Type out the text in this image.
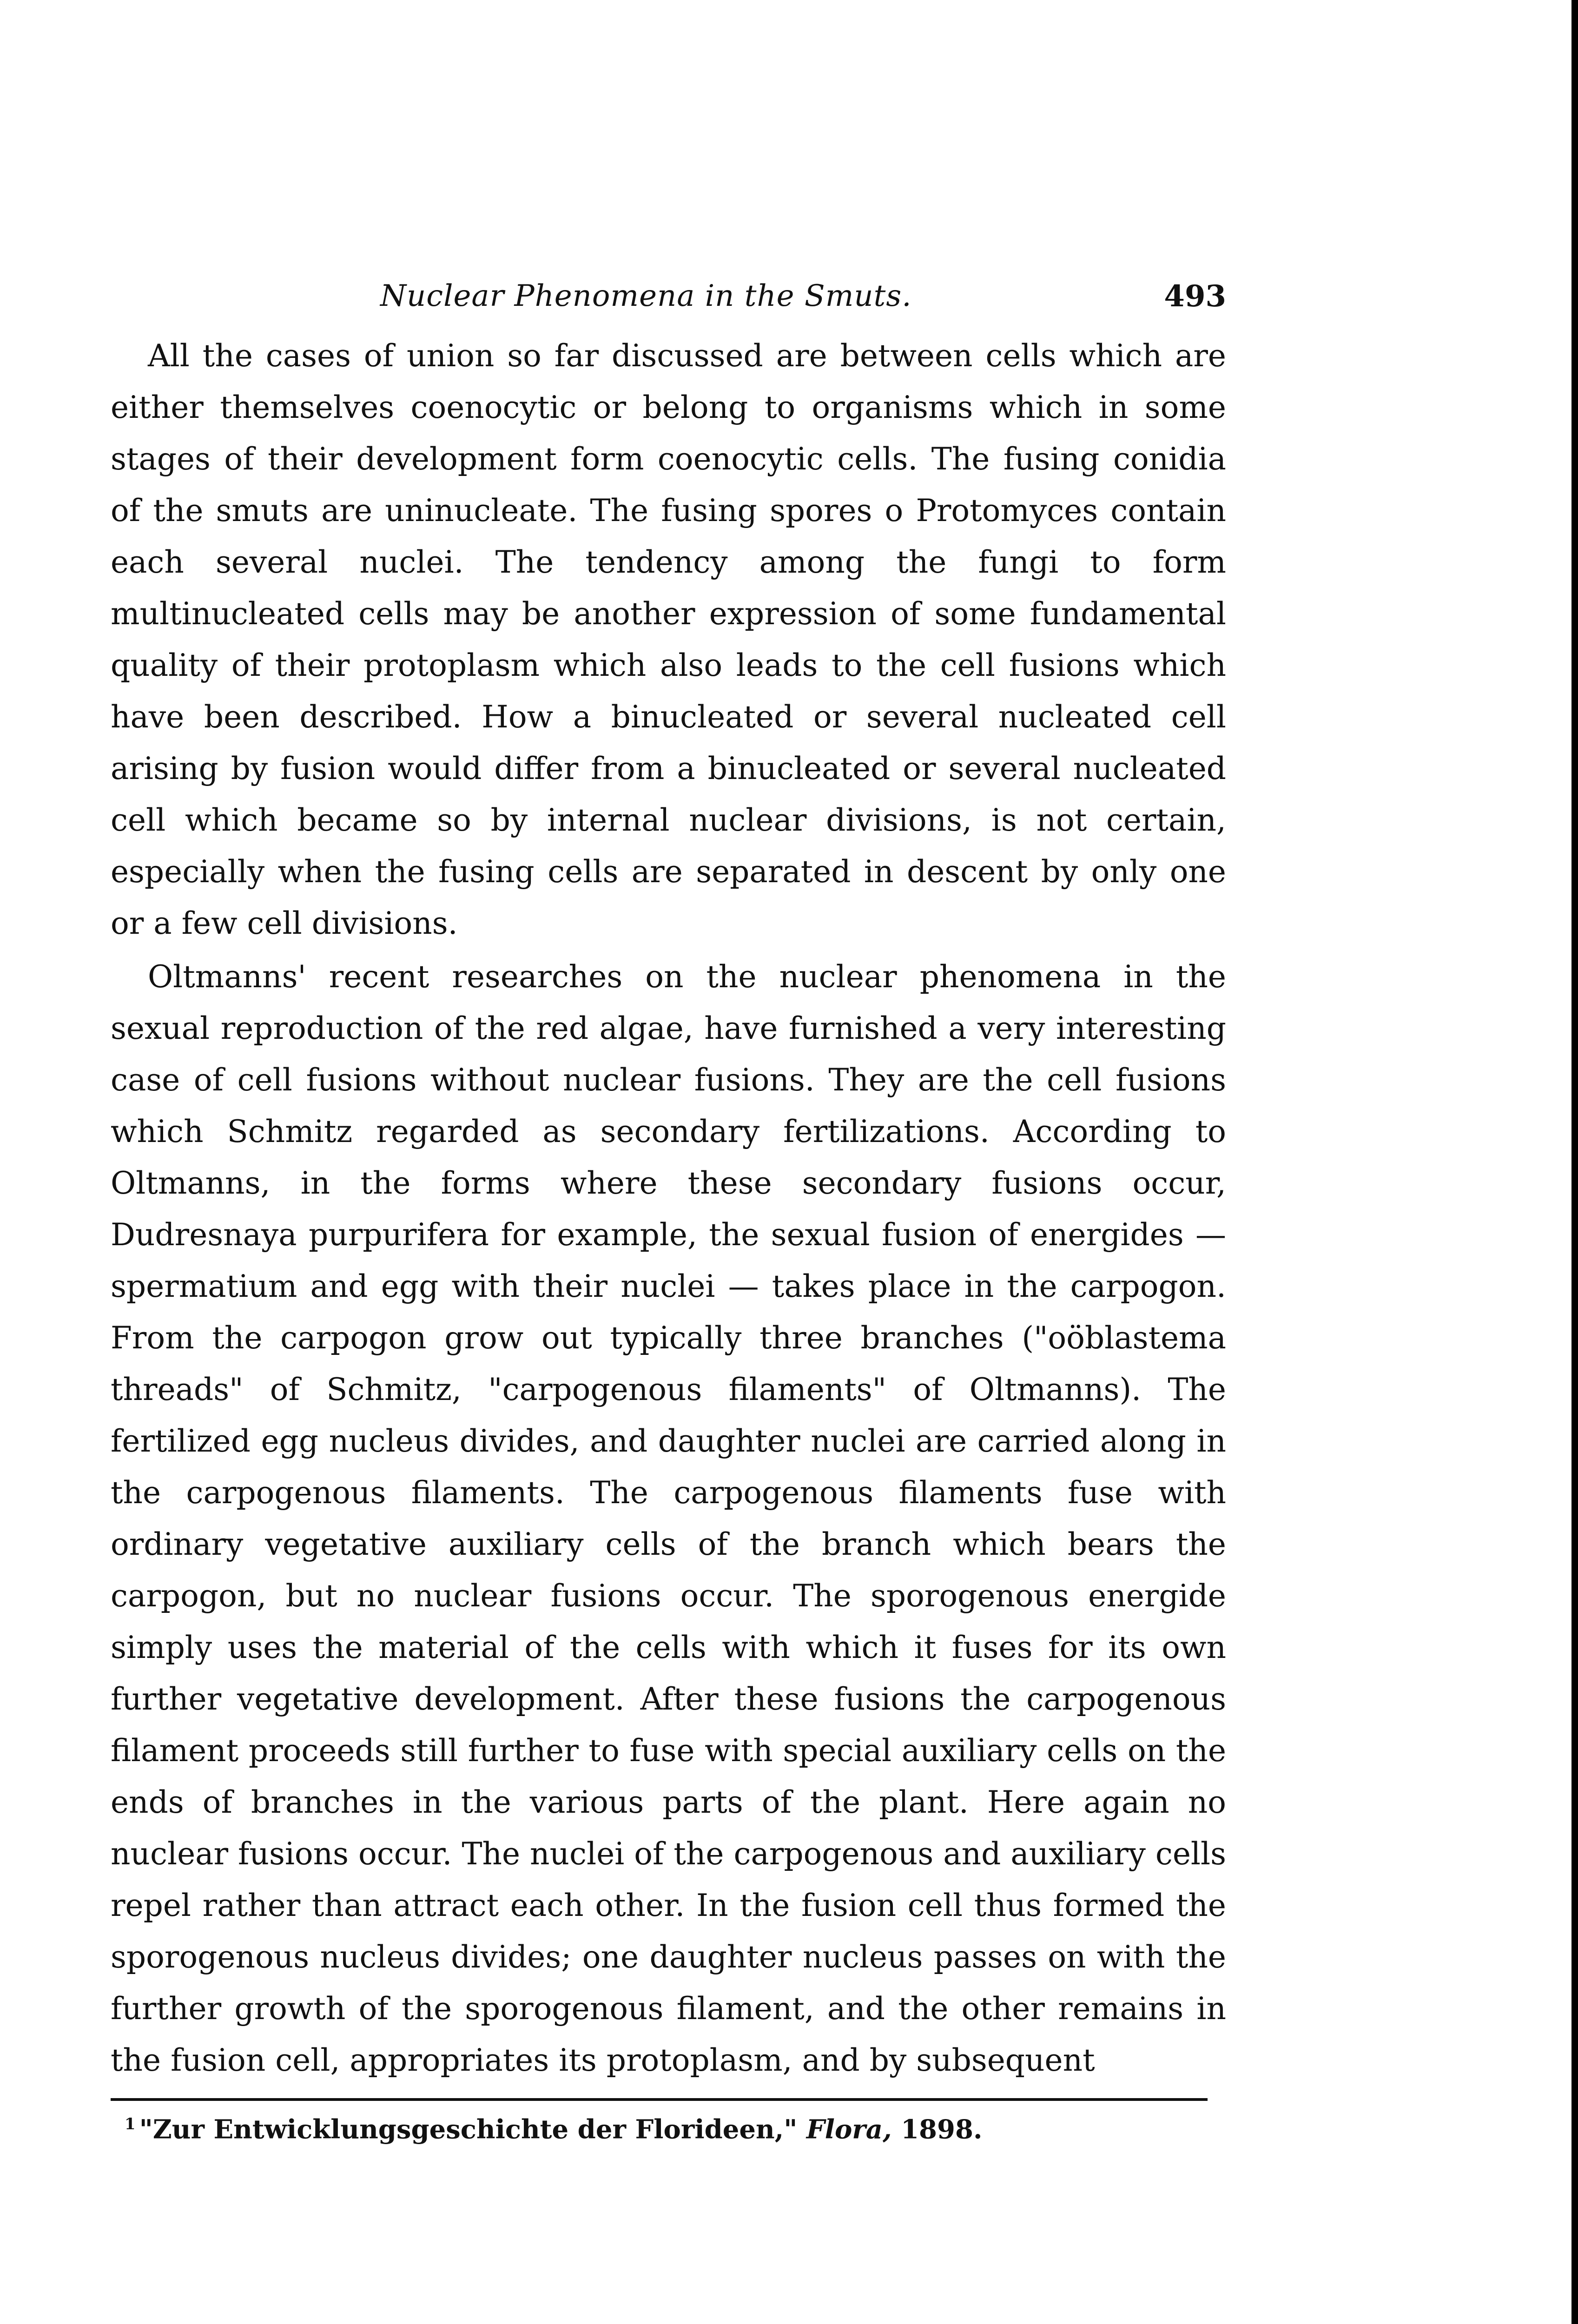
Nuclear Phenomena in the Smuts.	493

All the cases of union so far discussed are between cells which are either themselves coenocytic or belong to organisms which in some stages of their development form coenocytic cells. The fusing conidia of the smuts are uninucleate. The fusing spores o Protomyces contain each several nuclei. The tendency among the fungi to form multinucleated cells may be another expression of some fundamental quality of their protoplasm which also leads to the cell fusions which have been described. How a binucleated or several nucleated cell arising by fusion would differ from a binucleated or several nucleated cell which became so by internal nuclear divisions, is not certain, especially when the fusing cells are separated in descent by only one or a few cell divisions.

Oltmanns' recent researches on the nuclear phenomena in the sexual reproduction of the red algae, have furnished a very interesting case of cell fusions without nuclear fusions. They are the cell fusions which Schmitz regarded as secondary fertilizations. According to Oltmanns, in the forms where these secondary fusions occur, Dudresnaya purpurifera for example, the sexual fusion of energides — spermatium and egg with their nuclei — takes place in the carpogon. From the carpogon grow out typically three branches ("oöblastema threads" of Schmitz, "carpogenous filaments" of Oltmanns). The fertilized egg nucleus divides, and daughter nuclei are carried along in the carpogenous filaments. The carpogenous filaments fuse with ordinary vegetative auxiliary cells of the branch which bears the carpogon, but no nuclear fusions occur. The sporogenous energide simply uses the material of the cells with which it fuses for its own further vegetative development. After these fusions the carpogenous filament proceeds still further to fuse with special auxiliary cells on the ends of branches in the various parts of the plant. Here again no nuclear fusions occur. The nuclei of the carpogenous and auxiliary cells repel rather than attract each other. In the fusion cell thus formed the sporogenous nucleus divides; one daughter nucleus passes on with the further growth of the sporogenous filament, and the other remains in the fusion cell, appropriates its protoplasm, and by subsequent

$^1$ "Zur Entwicklungsgeschichte der Florideen," Flora, 1898.
